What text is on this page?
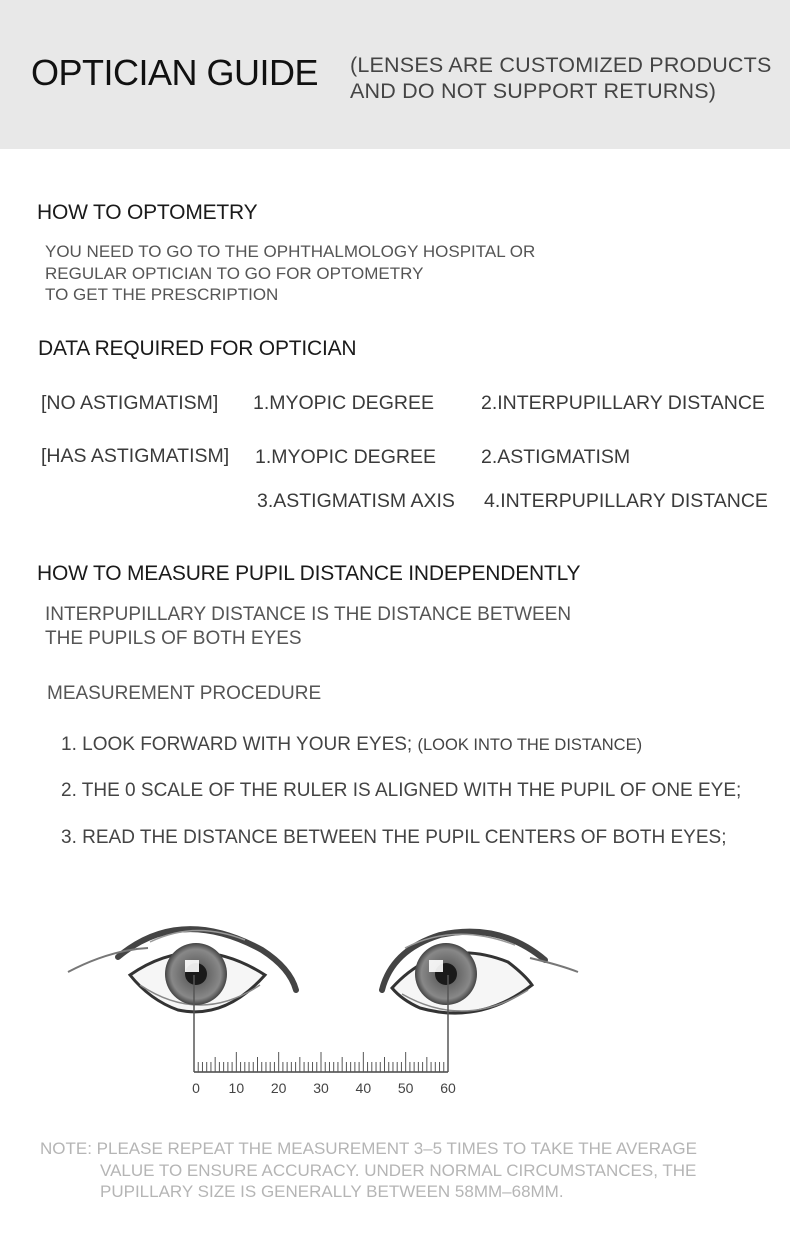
OPTICIAN GUIDE (LENSES ARE CUSTOMIZED PRODUCTS
AND DO NOT SUPPORT RETURNS)
HOW TO OPTOMETRY
YOU NEED TO GO TO THE OPHTHALMOLOGY HOSPITAL OR
REGULAR OPTICIAN TO GO FOR OPTOMETRY
TO GET THE PRESCRIPTION
DATA REQUIRED FOR OPTICIAN
[NO ASTIGMATISM] 1.MYOPIC DEGREE 2.INTERPUPILLARY DISTANCE
[HAS ASTIGMATISM] 1.MYOPIC DEGREE 2.ASTIGMATISM
3.ASTIGMATISM AXIS 4.INTERPUPILLARY DISTANCE
HOW TO MEASURE PUPIL DISTANCE INDEPENDENTLY
INTERPUPILLARY DISTANCE IS THE DISTANCE BETWEEN
THE PUPILS OF BOTH EYES
MEASUREMENT PROCEDURE
1. LOOK FORWARD WITH YOUR EYES; (LOOK INTO THE DISTANCE)
2. THE 0 SCALE OF THE RULER IS ALIGNED WITH THE PUPIL OF ONE EYE;
3. READ THE DISTANCE BETWEEN THE PUPIL CENTERS OF BOTH EYES;
0 10 20 30 40 50 60
NOTE: PLEASE REPEAT THE MEASUREMENT 3–5 TIMES TO TAKE THE AVERAGE
VALUE TO ENSURE ACCURACY. UNDER NORMAL CIRCUMSTANCES, THE
PUPILLARY SIZE IS GENERALLY BETWEEN 58MM–68MM.
